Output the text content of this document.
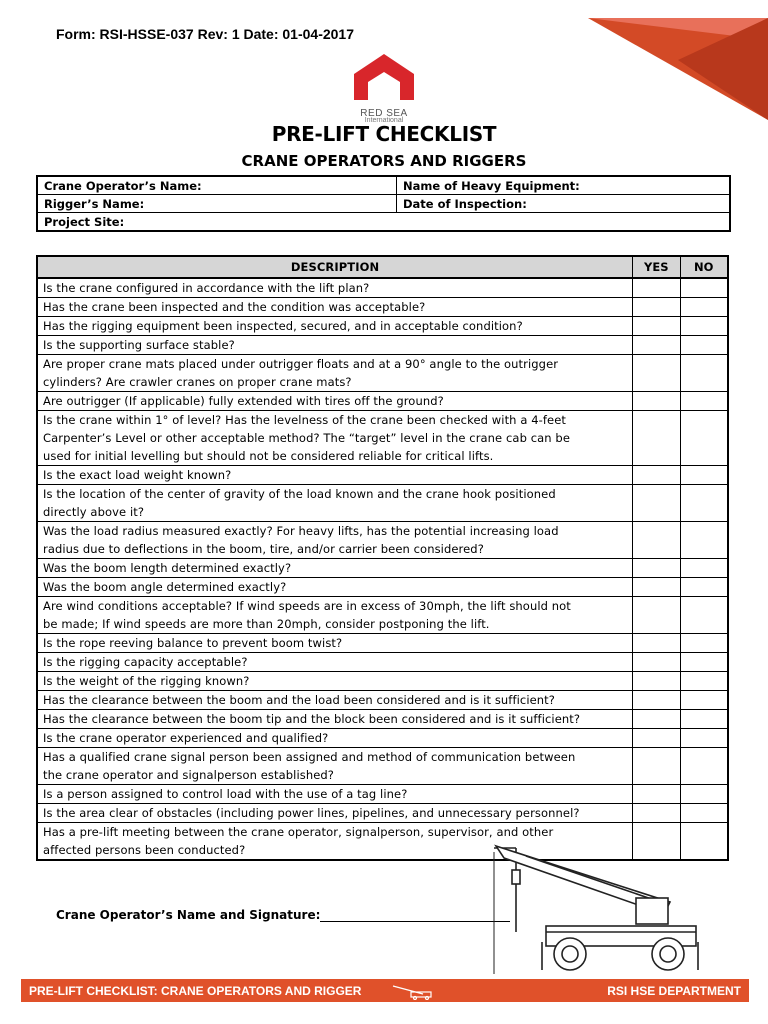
Form: RSI-HSSE-037 Rev: 1 Date: 01-04-2017
RED SEA
International
PRE-LIFT CHECKLIST
CRANE OPERATORS AND RIGGERS
Crane Operator’s Name:	Name of Heavy Equipment:
Rigger’s Name:	Date of Inspection:
Project Site:	
DESCRIPTION	YES	NO

Is the crane configured in accordance with the lift plan?		

Has the crane been inspected and the condition was acceptable?		

Has the rigging equipment been inspected, secured, and in acceptable condition?		

Is the supporting surface stable?		

Are proper crane mats placed under outrigger floats and at a 90° angle to the outrigger
cylinders? Are crawler cranes on proper crane mats?		

Are outrigger (If applicable) fully extended with tires off the ground?		

Is the crane within 1° of level? Has the levelness of the crane been checked with a 4-feet
Carpenter’s Level or other acceptable method? The “target” level in the crane cab can be
used for initial levelling but should not be considered reliable for critical lifts.		

Is the exact load weight known?		

Is the location of the center of gravity of the load known and the crane hook positioned
directly above it?		

Was the load radius measured exactly? For heavy lifts, has the potential increasing load
radius due to deflections in the boom, tire, and/or carrier been considered?		

Was the boom length determined exactly?		

Was the boom angle determined exactly?		

Are wind conditions acceptable? If wind speeds are in excess of 30mph, the lift should not
be made; If wind speeds are more than 20mph, consider postponing the lift.		

Is the rope reeving balance to prevent boom twist?		

Is the rigging capacity acceptable?		

Is the weight of the rigging known?		

Has the clearance between the boom and the load been considered and is it sufficient?		

Has the clearance between the boom tip and the block been considered and is it sufficient?		

Is the crane operator experienced and qualified?		

Has a qualified crane signal person been assigned and method of communication between
the crane operator and signalperson established?		

Is a person assigned to control load with the use of a tag line?		

Is the area clear of obstacles (including power lines, pipelines, and unnecessary personnel?		

Has a pre-lift meeting between the crane operator, signalperson, supervisor, and other
affected persons been conducted?		

Crane Operator’s Name and Signature:
PRE-LIFT CHECKLIST: CRANE OPERATORS AND RIGGER	RSI HSE DEPARTMENT
